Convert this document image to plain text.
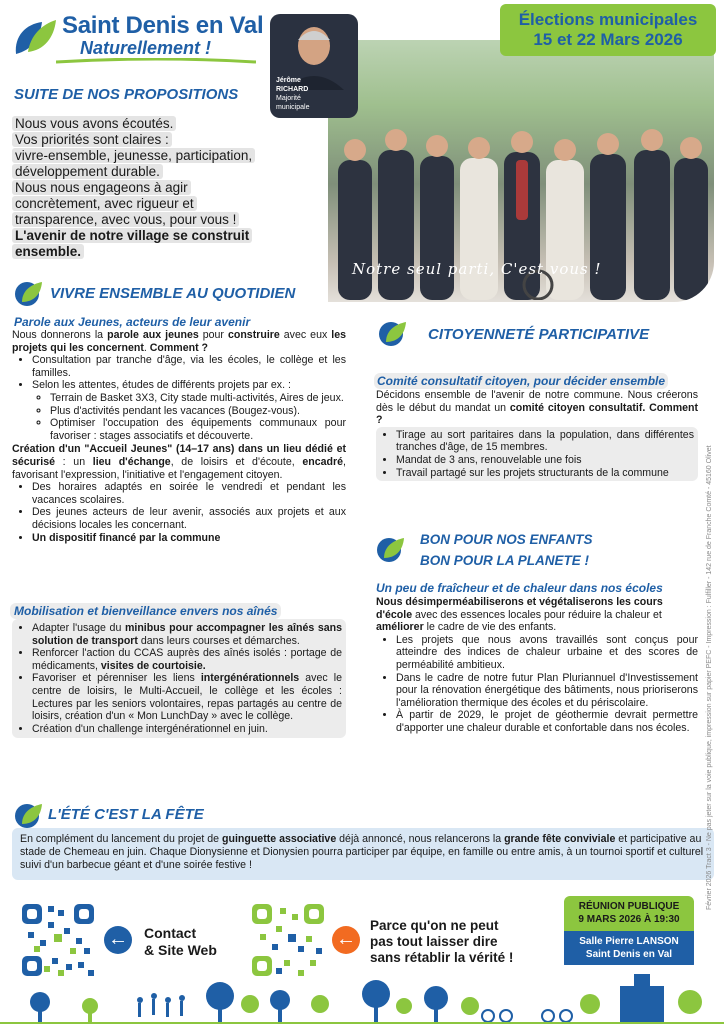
Saint Denis en Val
Naturellement !
Notre seul parti, C'est vous !
Jérôme
RICHARD
Majorité
municipale
Élections municipales
15 et 22 Mars 2026
SUITE DE NOS PROPOSITIONS
Nous vous avons écoutés.
Vos priorités sont claires :
vivre-ensemble, jeunesse, participation,
développement durable.
Nous nous engageons à agir
concrètement, avec rigueur et
transparence, avec vous, pour vous !
L'avenir de notre village se construit
ensemble.
VIVRE ENSEMBLE AU QUOTIDIEN
Parole aux Jeunes, acteurs de leur avenir

Nous donnerons la parole aux jeunes pour construire avec eux les projets qui les concernent. Comment ?

• Consultation par tranche d'âge, via les écoles, le collège et les familles.
• Selon les attentes, études de différents projets par ex. :
◦ Terrain de Basket 3X3, City stade multi-activités, Aires de jeux.
◦ Plus d'activités pendant les vacances (Bougez-vous).
◦ Optimiser l'occupation des équipements communaux pour favoriser : stages associatifs et découverte.

Création d'un "Accueil Jeunes" (14–17 ans) dans un lieu dédié et sécurisé : un lieu d'échange, de loisirs et d'écoute, encadré, favorisant l'expression, l'initiative et l'engagement citoyen.

• Des horaires adaptés en soirée le vendredi et pendant les vacances scolaires.
• Des jeunes acteurs de leur avenir, associés aux projets et aux décisions locales les concernant.
• Un dispositif financé par la commune
Mobilisation et bienveillance envers nos aînés
• Adapter l'usage du minibus pour accompagner les aînés sans solution de transport dans leurs courses et démarches.
• Renforcer l'action du CCAS auprès des aînés isolés : portage de médicaments, visites de courtoisie.
• Favoriser et pérenniser les liens intergénérationnels avec le centre de loisirs, le Multi-Accueil, le collège et les écoles : Lectures par les seniors volontaires, repas partagés au centre de loisirs, création d'un « Mon LunchDay » avec le collège.
• Création d'un challenge intergénérationnel en juin.
CITOYENNETÉ PARTICIPATIVE
Comité consultatif citoyen, pour décider ensemble

Décidons ensemble de l'avenir de notre commune. Nous créerons dès le début du mandat un comité citoyen consultatif. Comment ?

• Tirage au sort paritaires dans la population, dans différentes tranches d'âge, de 15 membres.
• Mandat de 3 ans, renouvelable une fois
• Travail partagé sur les projets structurants de la commune
BON POUR NOS ENFANTS
BON POUR LA PLANETE !
Un peu de fraîcheur et de chaleur dans nos écoles

Nous désimperméabiliserons et végétaliserons les cours d'école avec des essences locales pour réduire la chaleur et améliorer le cadre de vie des enfants.

• Les projets que nous avons travaillés sont conçus pour atteindre des indices de chaleur urbaine et des scores de perméabilité ambitieux.
• Dans le cadre de notre futur Plan Pluriannuel d'Investissement pour la rénovation énergétique des bâtiments, nous prioriserons l'amélioration thermique des écoles et du périscolaire.
• À partir de 2029, le projet de géothermie devrait permettre d'apporter une chaleur durable et confortable dans nos écoles.
L'ÉTÉ C'EST LA FÊTE
En complément du lancement du projet de guinguette associative déjà annoncé, nous relancerons la grande fête conviviale et participative au stade de Chemeau en juin. Chaque Dionysienne et Dionysien pourra participer par équipe, en famille ou entre amis, à un tournoi sportif et culturel suivi d'un barbecue géant et d'une soirée festive !
← Contact
& Site Web	←
Parce qu'on ne peut
pas tout laisser dire
sans rétablir la vérité !
RÉUNION PUBLIQUE
9 MARS 2026 À 19:30
Salle Pierre LANSON
Saint Denis en Val
Février 2026 Tract 3 - Ne pas jeter sur la voie publique, impression sur papier PEFC - Impression : Fulfiller - 142 rue de Franche Comté - 45160 Olivet
